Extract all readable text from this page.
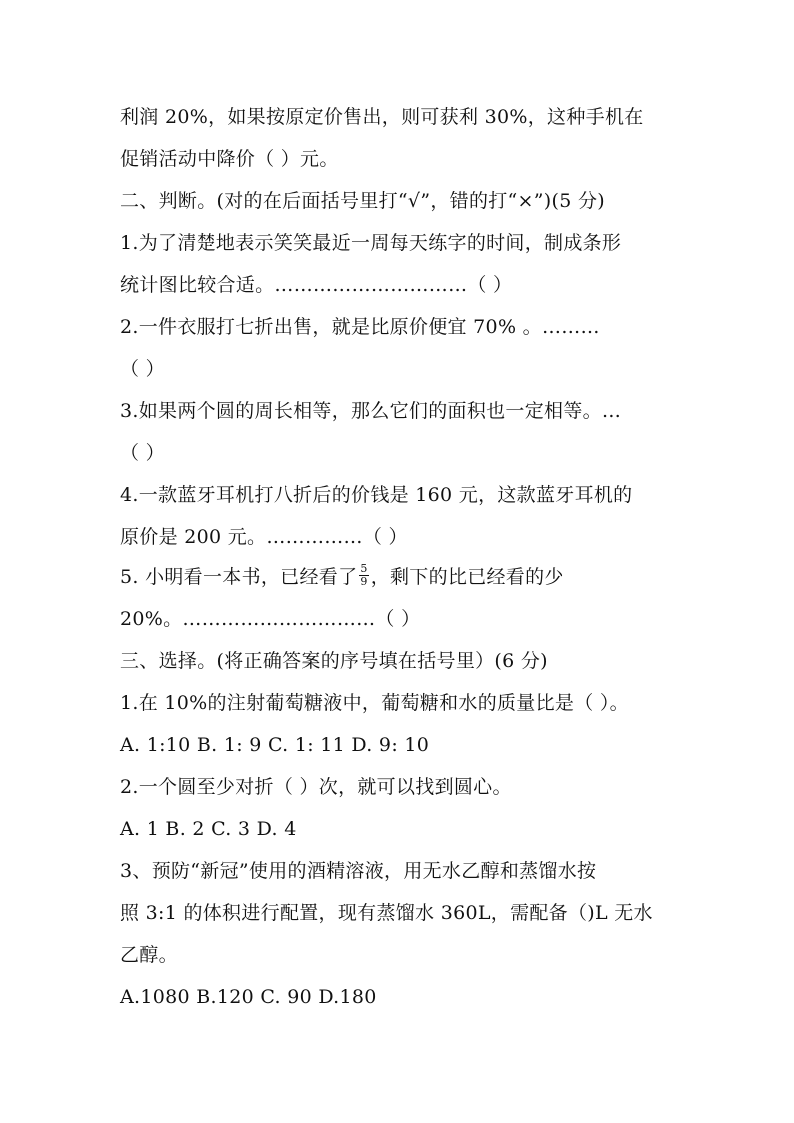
利润 20%，如果按原定价售出，则可获利 30%，这种手机在
促销活动中降价（ ）元。
二、判断。(对的在后面括号里打“√”，错的打“×”)(5 分)
1.为了清楚地表示笑笑最近一周每天练字的时间，制成条形
统计图比较合适。…………………………（ ）
2.一件衣服打七折出售，就是比原价便宜 70% 。………
（ ）
3.如果两个圆的周长相等，那么它们的面积也一定相等。…
（ ）
4.一款蓝牙耳机打八折后的价钱是 160 元，这款蓝牙耳机的
原价是 200 元。……………（ ）
5. 小明看一本书，已经看了 $\frac{5}{9}$ ，剩下的比已经看的少
20%。…………………………（ ）
三、选择。(将正确答案的序号填在括号里）(6 分)
1.在 10%的注射葡萄糖液中，葡萄糖和水的质量比是（ ）。
A. 1:10 B. 1: 9 C. 1: 11 D. 9: 10
2.一个圆至少对折（ ）次，就可以找到圆心。
A. 1 B. 2 C. 3 D. 4
3、预防“新冠”使用的酒精溶液，用无水乙醇和蒸馏水按
照 3:1 的体积进行配置，现有蒸馏水 360L，需配备（)L 无水
乙醇。
A.1080 B.120 C. 90 D.180
